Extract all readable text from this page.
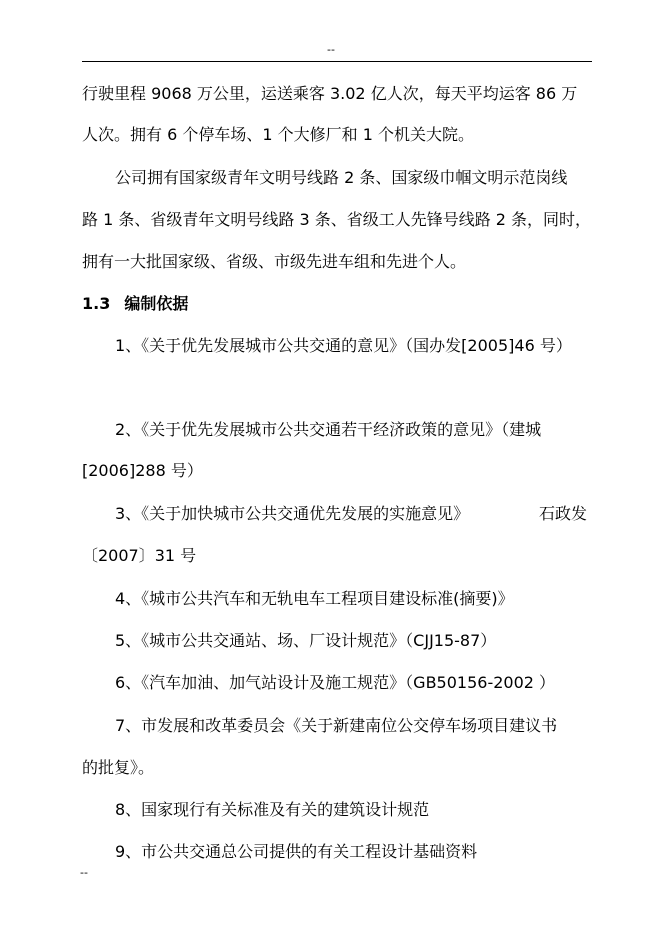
--
行驶里程 9068 万公里，运送乘客 3.02 亿人次，每天平均运客 86 万
人次。拥有 6 个停车场、1 个大修厂和 1 个机关大院。
公司拥有国家级青年文明号线路 2 条、国家级巾帼文明示范岗线
路 1 条、省级青年文明号线路 3 条、省级工人先锋号线路 2 条，同时，
拥有一大批国家级、省级、市级先进车组和先进个人。
1.3 编制依据
1、《关于优先发展城市公共交通的意见》（国办发[2005]46 号）
2、《关于优先发展城市公共交通若干经济政策的意见》（建城
[2006]288 号）
3、《关于加快城市公共交通优先发展的实施意见》	石政发
〔2007〕31 号
4、《城市公共汽车和无轨电车工程项目建设标准(摘要)》
5、《城市公共交通站、场、厂设计规范》（CJJ15-87）
6、《汽车加油、加气站设计及施工规范》（GB50156-2002 ）
7、市发展和改革委员会《关于新建南位公交停车场项目建议书
的批复》。
8、国家现行有关标准及有关的建筑设计规范
9、市公共交通总公司提供的有关工程设计基础资料
--
